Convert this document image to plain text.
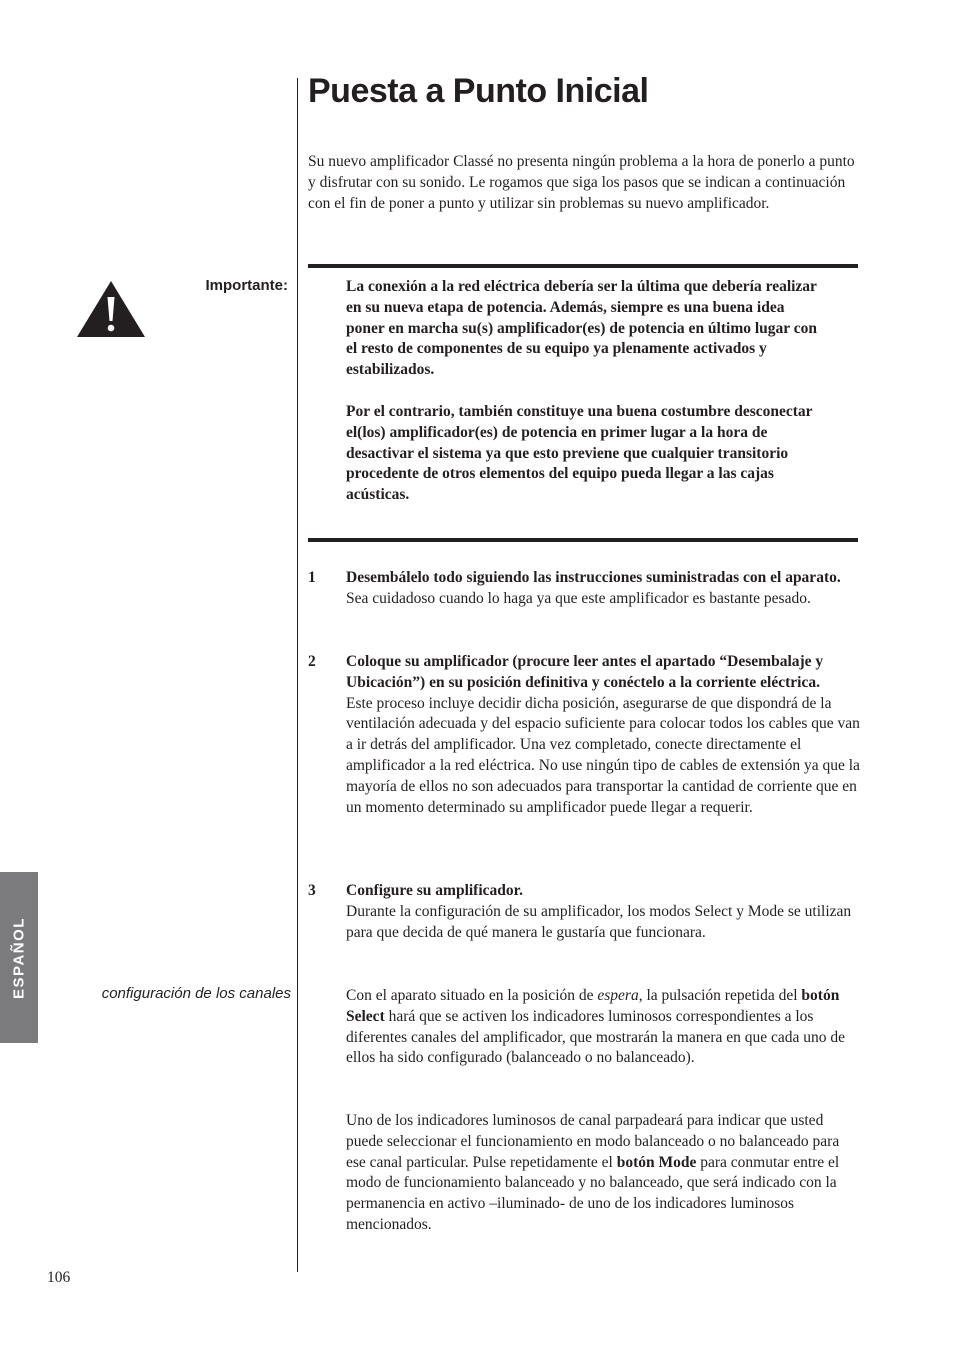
Puesta a Punto Inicial
Su nuevo amplificador Classé no presenta ningún problema a la hora de ponerlo a punto y disfrutar con su sonido. Le rogamos que siga los pasos que se indican a continuación con el fin de poner a punto y utilizar sin problemas su nuevo amplificador.
Importante:	La conexión a la red eléctrica debería ser la última que debería realizar en su nueva etapa de potencia. Además, siempre es una buena idea poner en marcha su(s) amplificador(es) de potencia en último lugar con el resto de componentes de su equipo ya plenamente activados y estabilizados.

Por el contrario, también constituye una buena costumbre desconectar el(los) amplificador(es) de potencia en primer lugar a la hora de desactivar el sistema ya que esto previene que cualquier transitorio procedente de otros elementos del equipo pueda llegar a las cajas acústicas.

1 Desembálelo todo siguiendo las instrucciones suministradas con el aparato.
Sea cuidadoso cuando lo haga ya que este amplificador es bastante pesado.
2 Coloque su amplificador (procure leer antes el apartado “Desembalaje y Ubicación”) en su posición definitiva y conéctelo a la corriente eléctrica.
Este proceso incluye decidir dicha posición, asegurarse de que dispondrá de la ventilación adecuada y del espacio suficiente para colocar todos los cables que van a ir detrás del amplificador. Una vez completado, conecte directamente el amplificador a la red eléctrica. No use ningún tipo de cables de extensión ya que la mayoría de ellos no son adecuados para transportar la cantidad de corriente que en un momento determinado su amplificador puede llegar a requerir.
3 Configure su amplificador.
Durante la configuración de su amplificador, los modos Select y Mode se utilizan para que decida de qué manera le gustaría que funcionara.
configuración de los canales	Con el aparato situado en la posición de espera, la pulsación repetida del botón Select hará que se activen los indicadores luminosos correspondientes a los diferentes canales del amplificador, que mostrarán la manera en que cada uno de ellos ha sido configurado (balanceado o no balanceado).
Uno de los indicadores luminosos de canal parpadeará para indicar que usted puede seleccionar el funcionamiento en modo balanceado o no balanceado para ese canal particular. Pulse repetidamente el botón Mode para conmutar entre el modo de funcionamiento balanceado y no balanceado, que será indicado con la permanencia en activo –iluminado- de uno de los indicadores luminosos mencionados.
ESPAÑOL
106
